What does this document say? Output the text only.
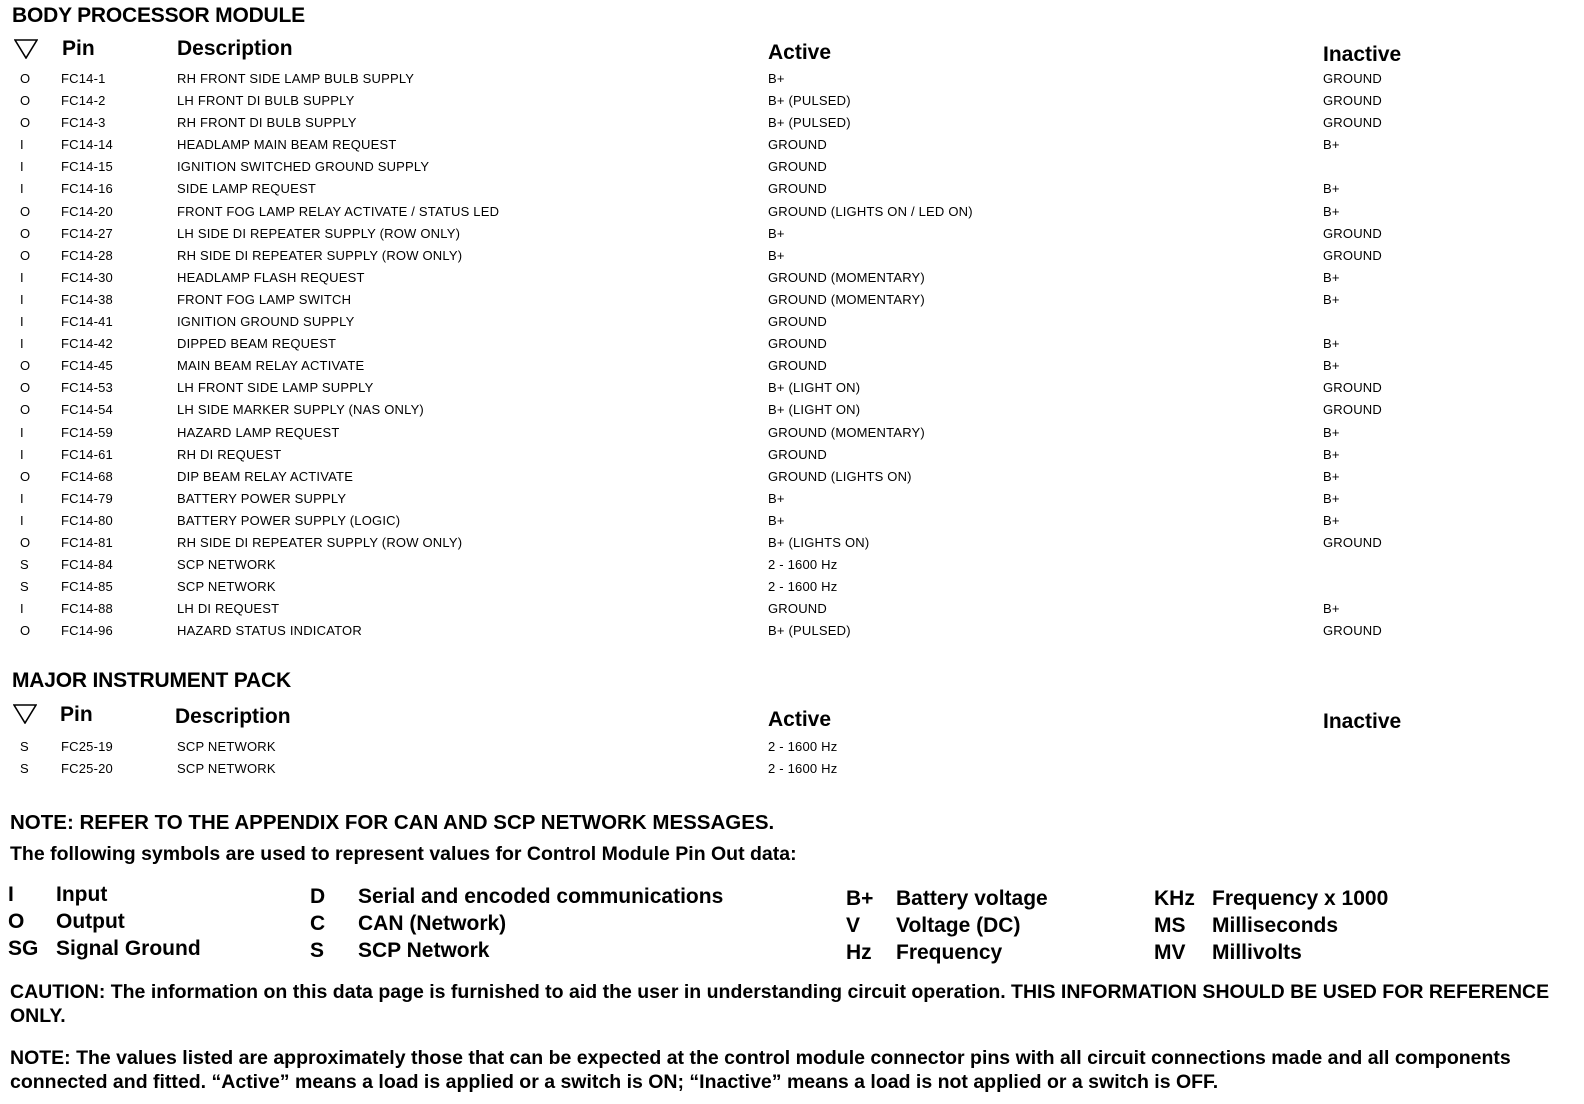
BODY PROCESSOR MODULE
Pin	Description	Active	Inactive
O FC14-1	RH FRONT SIDE LAMP BULB SUPPLY	B+	GROUND
O FC14-2	LH FRONT DI BULB SUPPLY	B+ (PULSED)	GROUND
O FC14-3	RH FRONT DI BULB SUPPLY	B+ (PULSED)	GROUND
I	FC14-14	HEADLAMP MAIN BEAM REQUEST	GROUND	B+
I	FC14-15	IGNITION SWITCHED GROUND SUPPLY	GROUND
I	FC14-16	SIDE LAMP REQUEST	GROUND	B+
O FC14-20	FRONT FOG LAMP RELAY ACTIVATE / STATUS LED	GROUND (LIGHTS ON / LED ON)	B+
O FC14-27	LH SIDE DI REPEATER SUPPLY (ROW ONLY)	B+	GROUND
O FC14-28	RH SIDE DI REPEATER SUPPLY (ROW ONLY)	B+	GROUND
I	FC14-30	HEADLAMP FLASH REQUEST	GROUND (MOMENTARY)	B+
I	FC14-38	FRONT FOG LAMP SWITCH	GROUND (MOMENTARY)	B+
I	FC14-41	IGNITION GROUND SUPPLY	GROUND
I	FC14-42	DIPPED BEAM REQUEST	GROUND	B+
O FC14-45	MAIN BEAM RELAY ACTIVATE	GROUND	B+
O FC14-53	LH FRONT SIDE LAMP SUPPLY	B+ (LIGHT ON)	GROUND
O FC14-54	LH SIDE MARKER SUPPLY (NAS ONLY)	B+ (LIGHT ON)	GROUND
I	FC14-59	HAZARD LAMP REQUEST	GROUND (MOMENTARY)	B+
I	FC14-61	RH DI REQUEST	GROUND	B+
O FC14-68	DIP BEAM RELAY ACTIVATE	GROUND (LIGHTS ON)	B+
I	FC14-79	BATTERY POWER SUPPLY	B+	B+
I	FC14-80	BATTERY POWER SUPPLY (LOGIC)	B+	B+
O FC14-81	RH SIDE DI REPEATER SUPPLY (ROW ONLY)	B+ (LIGHTS ON)	GROUND
S FC14-84	SCP NETWORK	2 - 1600 Hz
S FC14-85	SCP NETWORK	2 - 1600 Hz
I	FC14-88	LH DI REQUEST	GROUND	B+
O FC14-96	HAZARD STATUS INDICATOR	B+ (PULSED)	GROUND
MAJOR INSTRUMENT PACK
Pin	Description	Active	Inactive
S FC25-19	SCP NETWORK	2 - 1600 Hz
S FC25-20	SCP NETWORK	2 - 1600 Hz
NOTE: REFER TO THE APPENDIX FOR CAN AND SCP NETWORK MESSAGES.
The following symbols are used to represent values for Control Module Pin Out data:
I Input
O Output
SG Signal Ground
D Serial and encoded communications
C CAN (Network)
S SCP Network
B+ Battery voltage
V Voltage (DC)
Hz Frequency
KHz Frequency x 1000
MS Milliseconds
MV Millivolts
CAUTION: The information on this data page is furnished to aid the user in understanding circuit operation. THIS INFORMATION SHOULD BE USED FOR REFERENCE ONLY.
NOTE: The values listed are approximately those that can be expected at the control module connector pins with all circuit connections made and all components connected and fitted. “Active” means a load is applied or a switch is ON; “Inactive” means a load is not applied or a switch is OFF.
